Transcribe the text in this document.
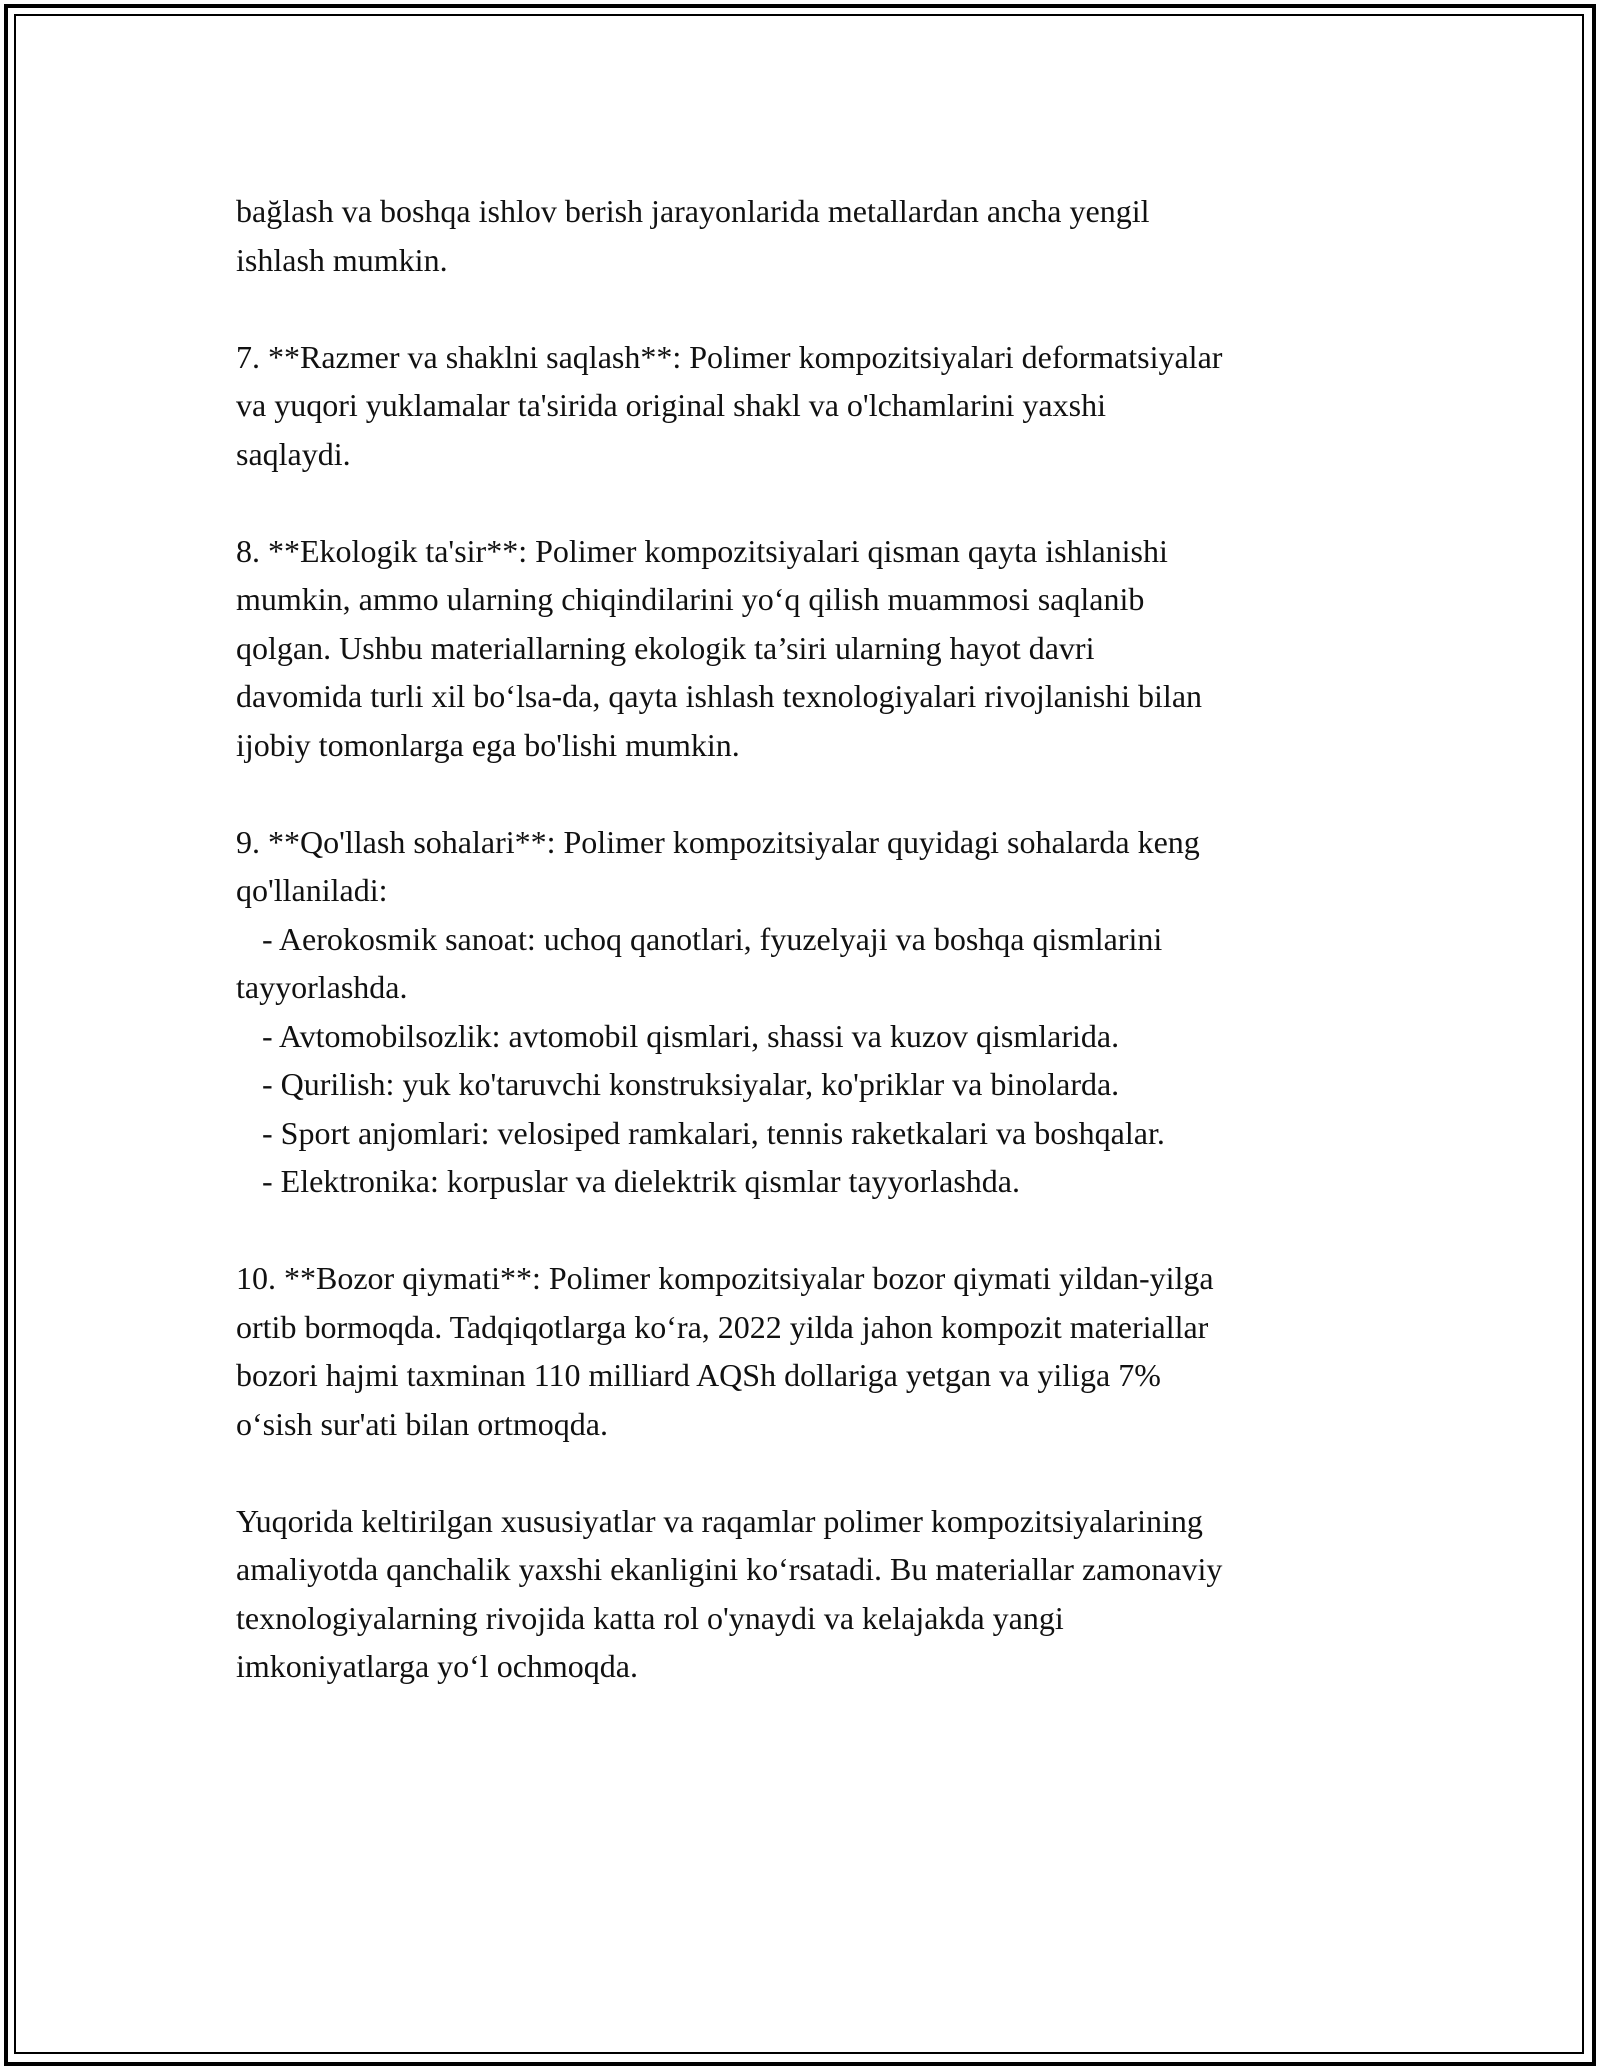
bağlash va boshqa ishlov berish jarayonlarida metallardan ancha yengil
ishlash mumkin.
7. **Razmer va shaklni saqlash**: Polimer kompozitsiyalari deformatsiyalar
va yuqori yuklamalar ta'sirida original shakl va o'lchamlarini yaxshi
saqlaydi.
8. **Ekologik ta'sir**: Polimer kompozitsiyalari qisman qayta ishlanishi
mumkin, ammo ularning chiqindilarini yoʻq qilish muammosi saqlanib
qolgan. Ushbu materiallarning ekologik ta’siri ularning hayot davri
davomida turli xil boʻlsa-da, qayta ishlash texnologiyalari rivojlanishi bilan
ijobiy tomonlarga ega bo'lishi mumkin.
9. **Qo'llash sohalari**: Polimer kompozitsiyalar quyidagi sohalarda keng
qo'llaniladi:
- Aerokosmik sanoat: uchoq qanotlari, fyuzelyaji va boshqa qismlarini
tayyorlashda.
- Avtomobilsozlik: avtomobil qismlari, shassi va kuzov qismlarida.
- Qurilish: yuk ko'taruvchi konstruksiyalar, ko'priklar va binolarda.
- Sport anjomlari: velosiped ramkalari, tennis raketkalari va boshqalar.
- Elektronika: korpuslar va dielektrik qismlar tayyorlashda.
10. **Bozor qiymati**: Polimer kompozitsiyalar bozor qiymati yildan-yilga
ortib bormoqda. Tadqiqotlarga koʻra, 2022 yilda jahon kompozit materiallar
bozori hajmi taxminan 110 milliard AQSh dollariga yetgan va yiliga 7%
oʻsish sur'ati bilan ortmoqda.
Yuqorida keltirilgan xususiyatlar va raqamlar polimer kompozitsiyalarining
amaliyotda qanchalik yaxshi ekanligini koʻrsatadi. Bu materiallar zamonaviy
texnologiyalarning rivojida katta rol o'ynaydi va kelajakda yangi
imkoniyatlarga yoʻl ochmoqda.
